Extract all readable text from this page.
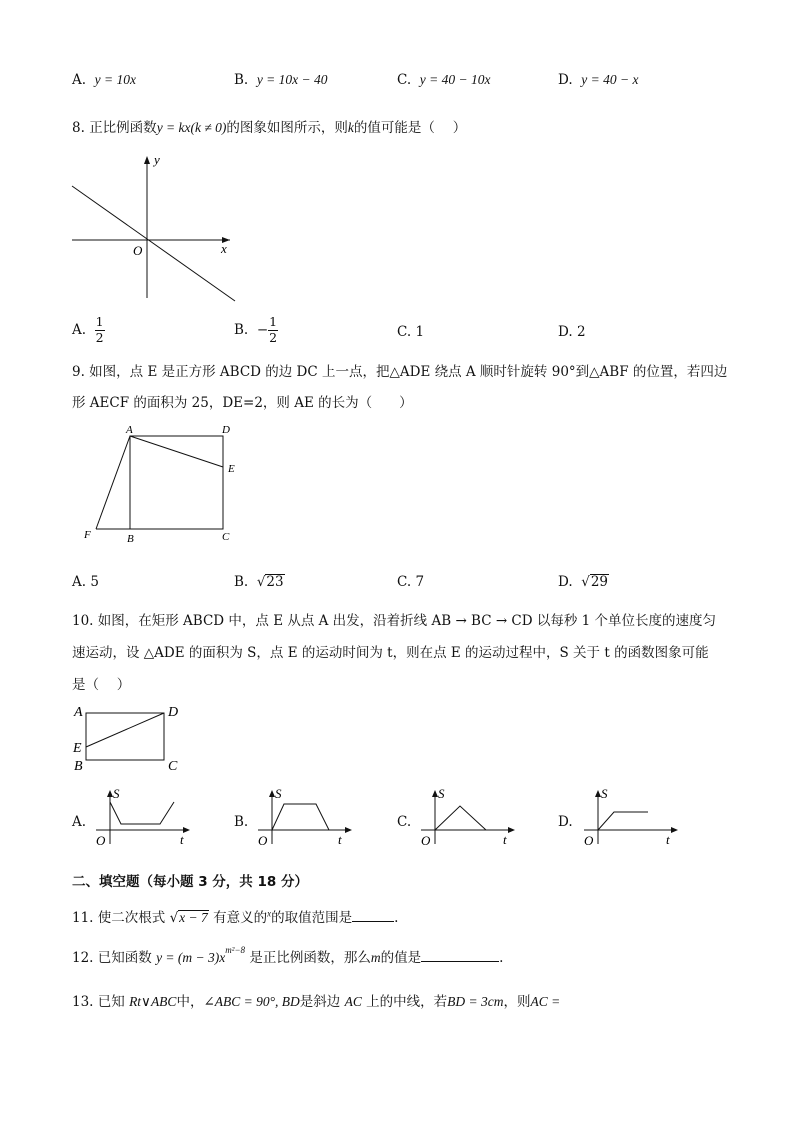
A. y = 10x	B. y = 10x − 40	C. y = 40 − 10x	D. y = 40 − x
8. 正比例函数y = kx(k ≠ 0)的图象如图所示，则k的值可能是（　 ）
y
x
O
A. $\frac{1}{2}$	B. − $\frac{1}{2}$	C. 1	D. 2
9. 如图，点 E 是正方形 ABCD 的边 DC 上一点，把△ADE 绕点 A 顺时针旋转 90°到△ABF 的位置，若四边
形 AECF 的面积为 25，DE=2，则 AE 的长为（　　）
A	D
E
F	B	C
A. 5	B. √23	C. 7	D. √29
10. 如图，在矩形 ABCD 中，点 E 从点 A 出发，沿着折线 AB → BC → CD 以每秒 1 个单位长度的速度匀
速运动，设 △ADE 的面积为 S，点 E 的运动时间为 t，则在点 E 的运动过程中，S 关于 t 的函数图象可能
是（　 ）
A	D
E
B	C
A.
S
O	t
B.
S
O	t
C.
S
O	t
D.
S
O	t
二、填空题（每小题 3 分，共 18 分）
11. 使二次根式 √x − 7 有意义的$^x$的取值范围是	.
12. 已知函数 $y = (m - 3)x^{m^2-8}$ 是正比例函数，那么m的值是	.
13. 已知 Rt∨ABC中，∠ABC = 90°, BD是斜边 AC 上的中线，若BD = 3cm，则AC =
